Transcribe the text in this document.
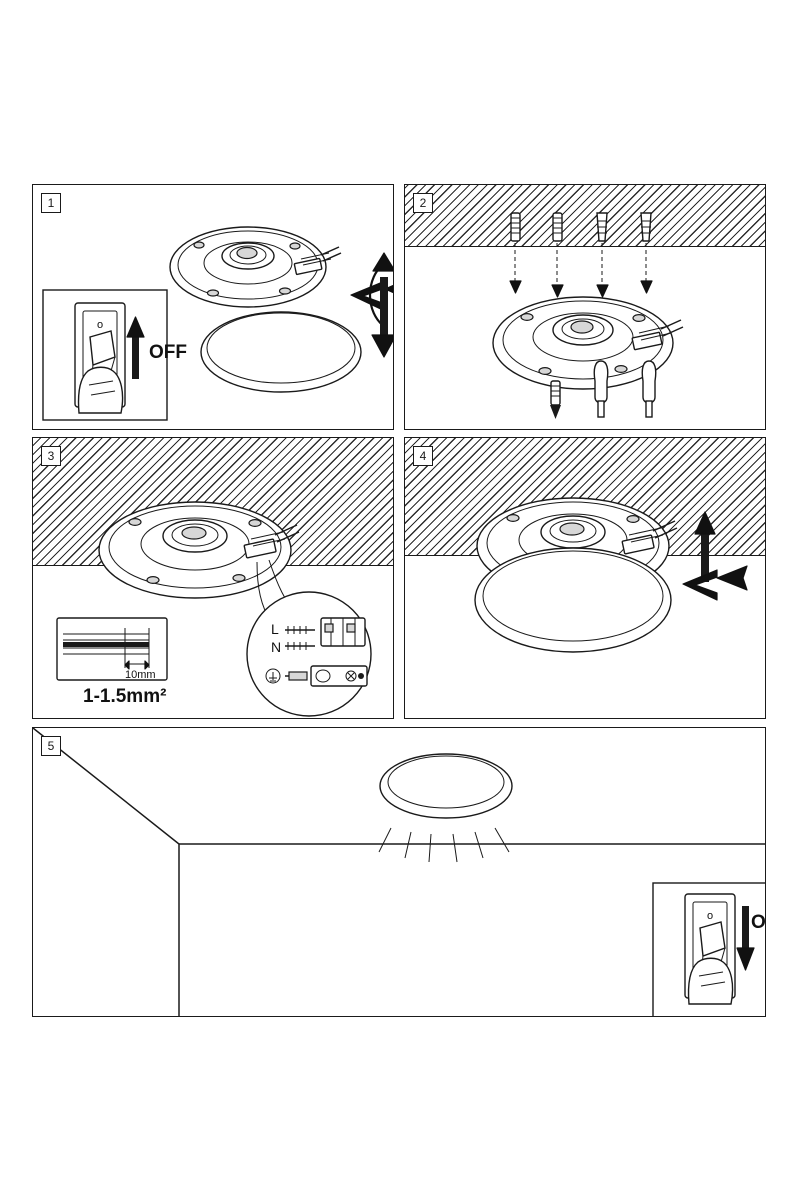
1
o
OFF
2
3
L
N
10mm
1-1.5mm²
4
5
o ON
